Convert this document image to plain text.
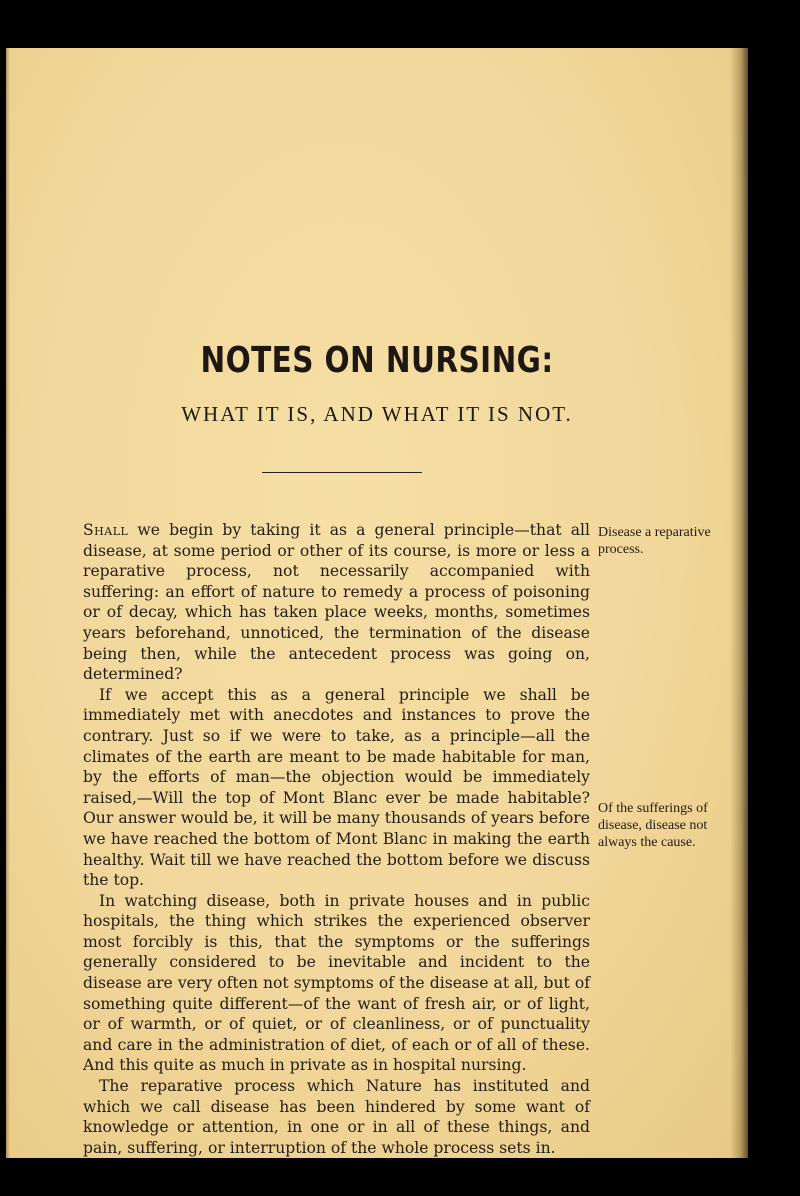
NOTES ON NURSING:
WHAT IT IS, AND WHAT IT IS NOT.

Shall we begin by taking it as a general principle—that all disease, at some period or other of its course, is more or less a reparative process, not necessarily accompanied with suffering: an effort of nature to remedy a process of poisoning or of decay, which has taken place weeks, months, sometimes years beforehand, unnoticed, the termination of the disease being then, while the antecedent process was going on, determined?

If we accept this as a general principle we shall be immediately met with anecdotes and instances to prove the contrary. Just so if we were to take, as a principle—all the climates of the earth are meant to be made habitable for man, by the efforts of man—the objection would be immediately raised,—Will the top of Mont Blanc ever be made habitable? Our answer would be, it will be many thousands of years before we have reached the bottom of Mont Blanc in making the earth healthy. Wait till we have reached the bottom before we discuss the top.

In watching disease, both in private houses and in public hospitals, the thing which strikes the experienced observer most forcibly is this, that the symptoms or the sufferings generally considered to be inevitable and incident to the disease are very often not symptoms of the disease at all, but of something quite different—of the want of fresh air, or of light, or of warmth, or of quiet, or of cleanliness, or of punctuality and care in the administration of diet, of each or of all of these. And this quite as much in private as in hospital nursing.

The reparative process which Nature has instituted and which we call disease has been hindered by some want of knowledge or attention, in one or in all of these things, and pain, suffering, or interruption of the whole process sets in.

Disease a reparative process.
Of the sufferings of disease, disease not always the cause.
